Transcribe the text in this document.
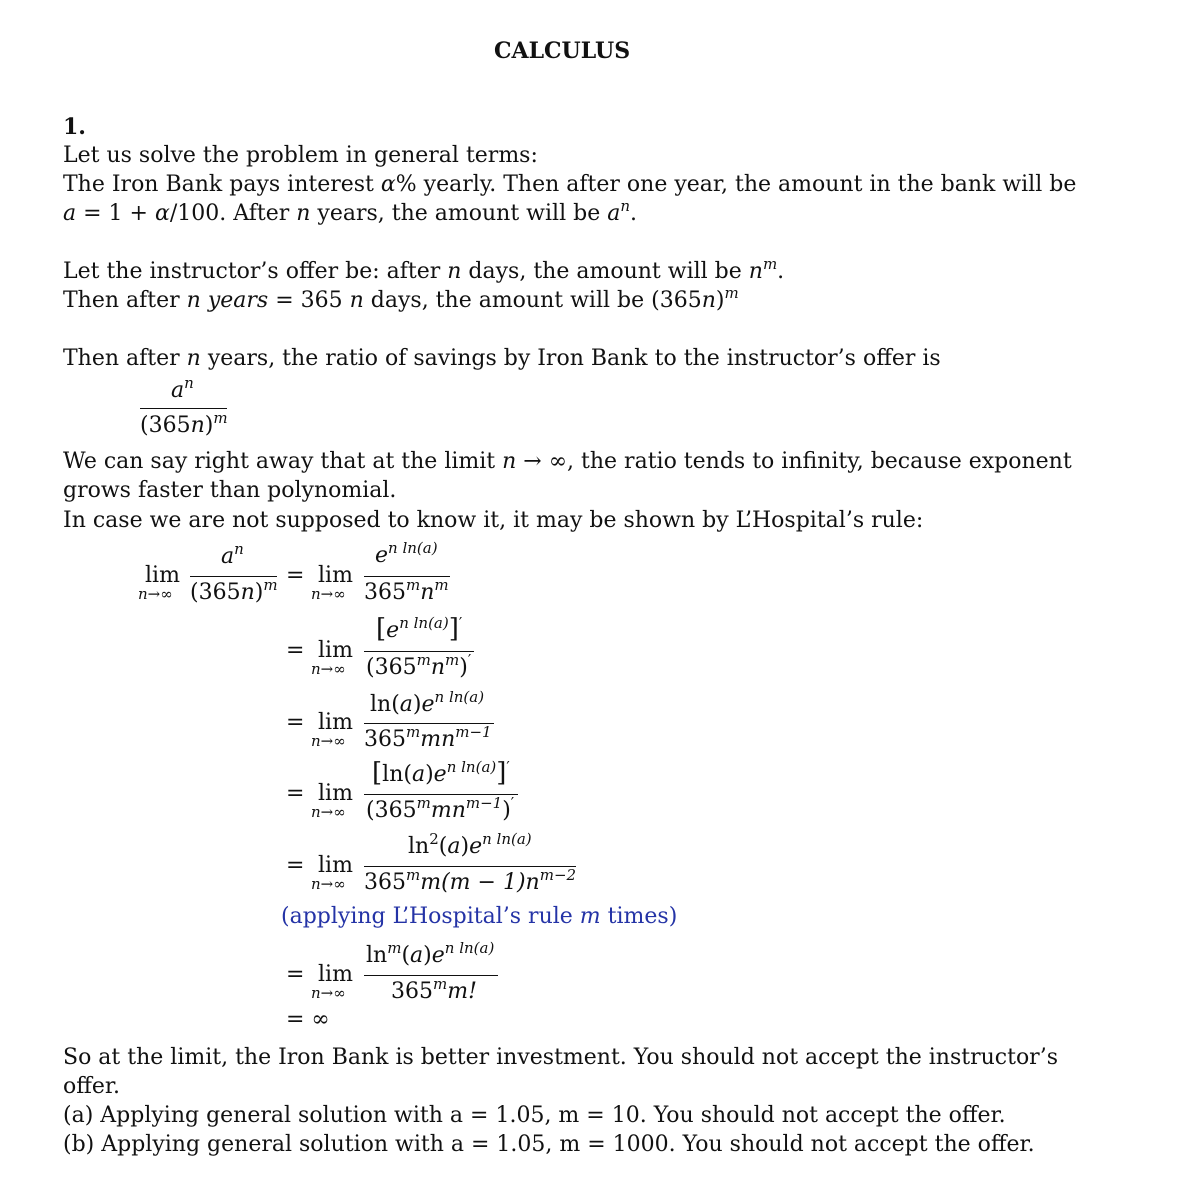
CALCULUS
1.
Let us solve the problem in general terms:
The Iron Bank pays interest α% yearly. Then after one year, the amount in the bank will be
a = 1 + α/100. After n years, the amount will be $a^n$.
Let the instructor’s offer be: after n days, the amount will be $n^m$.
Then after n years = 365 n days, the amount will be $(365n)^m$
Then after n years, the ratio of savings by Iron Bank to the instructor’s offer is
$a^n$
$(365n)^m$
We can say right away that at the limit n → ∞, the ratio tends to infinity, because exponent
grows faster than polynomial.
In case we are not supposed to know it, it may be shown by L’Hospital’s rule:
lim
n→∞
$a^n$
$(365n)^m = \lim$
n→∞
$e^{n ln(a)}$
$365^mn^m$
= lim
n→∞
$[e^{n ln(a)}]'$
$(365^mn^m)'$
= lim
n→∞
$\ln(a)e^{n ln(a)}$
$365^mmn^{m-1}$
= lim
n→∞
$[\ln(a)e^{n ln(a)}]'$
$(365^mmn^{m-1})'$
= lim
n→∞
$\ln^2(a)e^{n ln(a)}$
$365^mm(m - 1)n^{m-2}$
(applying L’Hospital’s rule m times)
= lim
n→∞
$\ln^m(a)e^{n ln(a)}$
$365^mm$!
= ∞
So at the limit, the Iron Bank is better investment. You should not accept the instructor’s
offer.
(a) Applying general solution with a = 1.05, m = 10. You should not accept the offer.
(b) Applying general solution with a = 1.05, m = 1000. You should not accept the offer.
